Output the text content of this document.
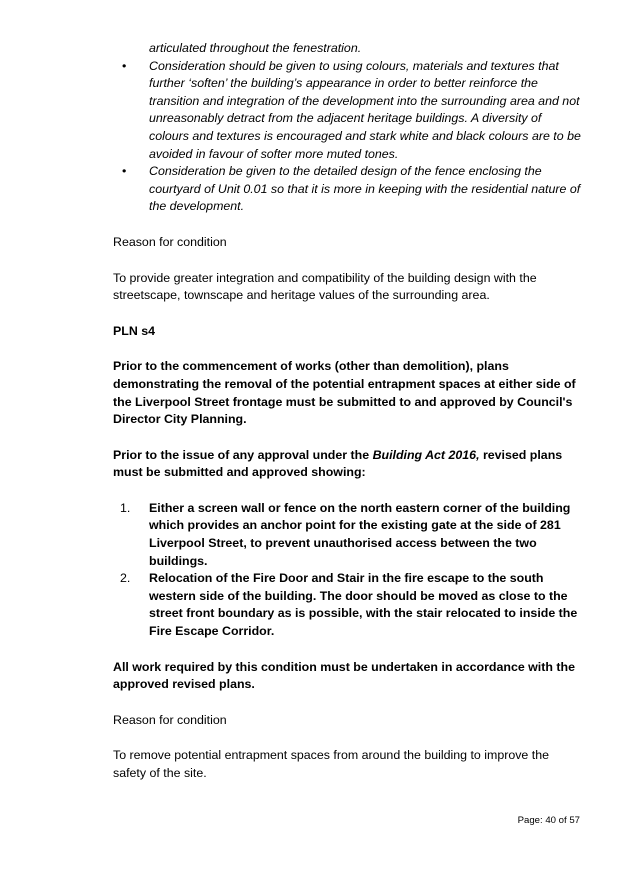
articulated throughout the fenestration.
• Consideration should be given to using colours, materials and textures that further ‘soften’ the building’s appearance in order to better reinforce the transition and integration of the development into the surrounding area and not unreasonably detract from the adjacent heritage buildings. A diversity of colours and textures is encouraged and stark white and black colours are to be avoided in favour of softer more muted tones.
• Consideration be given to the detailed design of the fence enclosing the courtyard of Unit 0.01 so that it is more in keeping with the residential nature of the development.

Reason for condition

To provide greater integration and compatibility of the building design with the streetscape, townscape and heritage values of the surrounding area.

PLN s4

Prior to the commencement of works (other than demolition), plans demonstrating the removal of the potential entrapment spaces at either side of the Liverpool Street frontage must be submitted to and approved by Council's Director City Planning.

Prior to the issue of any approval under the Building Act 2016, revised plans must be submitted and approved showing:

1. Either a screen wall or fence on the north eastern corner of the building which provides an anchor point for the existing gate at the side of 281 Liverpool Street, to prevent unauthorised access between the two buildings.
2. Relocation of the Fire Door and Stair in the fire escape to the south western side of the building. The door should be moved as close to the street front boundary as is possible, with the stair relocated to inside the Fire Escape Corridor.

All work required by this condition must be undertaken in accordance with the approved revised plans.

Reason for condition

To remove potential entrapment spaces from around the building to improve the safety of the site.

Page: 40 of 57
